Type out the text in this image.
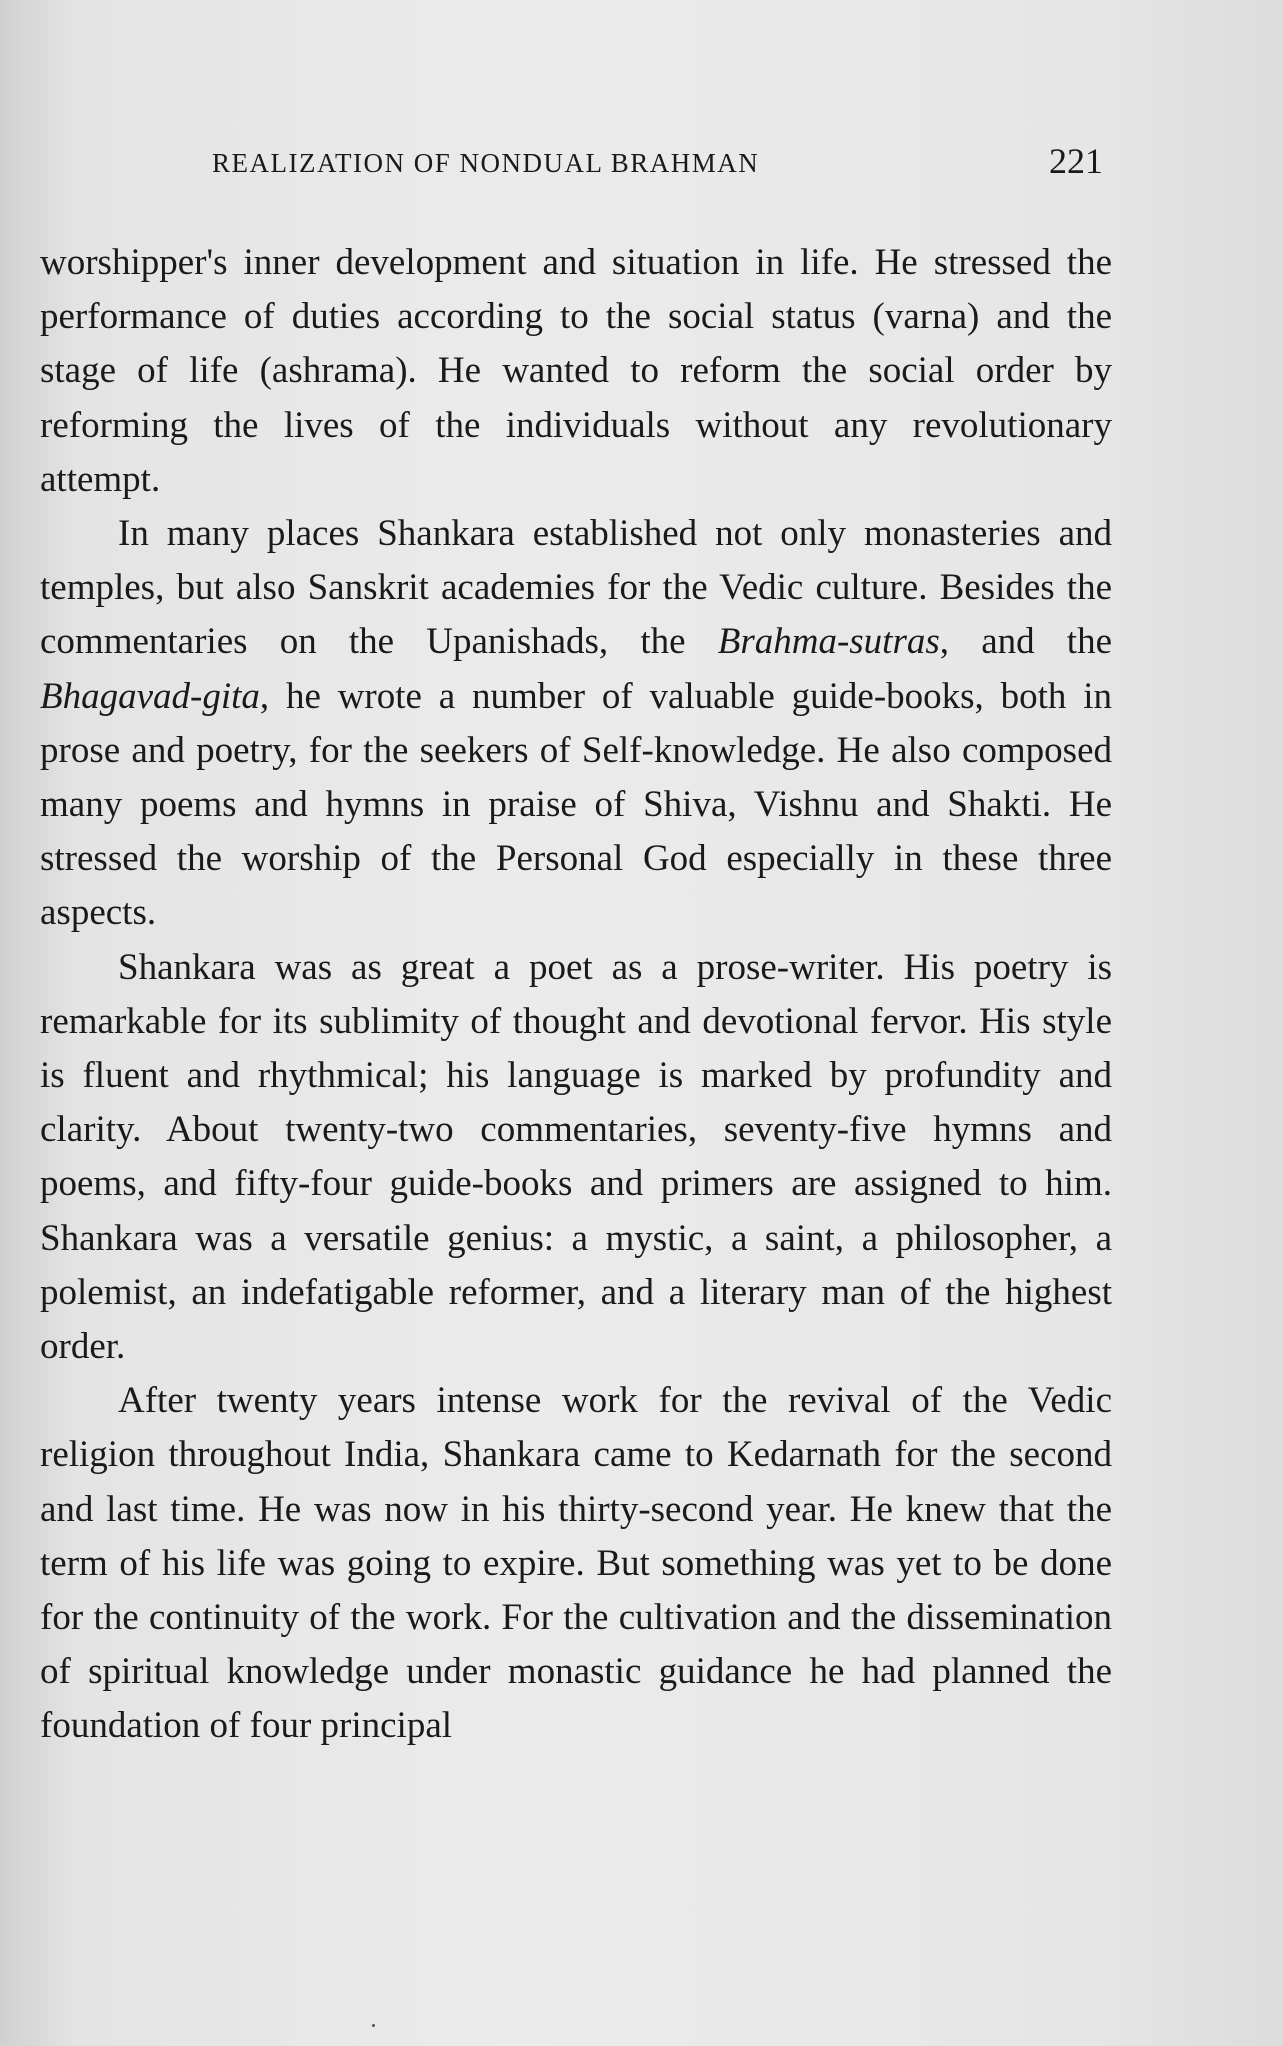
REALIZATION OF NONDUAL BRAHMAN	221

worshipper's inner development and situation in life. He stressed the performance of duties according to the social status (varna) and the stage of life (ashrama). He wanted to reform the social order by reforming the lives of the individuals without any revolutionary attempt.

In many places Shankara established not only monasteries and temples, but also Sanskrit academies for the Vedic culture. Besides the commentaries on the Upanishads, the Brahma-sutras, and the Bhagavad-gita, he wrote a number of valuable guide-books, both in prose and poetry, for the seekers of Self-knowledge. He also composed many poems and hymns in praise of Shiva, Vishnu and Shakti. He stressed the worship of the Personal God especially in these three aspects.

Shankara was as great a poet as a prose-writer. His poetry is remarkable for its sublimity of thought and devotional fervor. His style is fluent and rhythmical; his language is marked by profundity and clarity. About twenty-two commentaries, seventy-five hymns and poems, and fifty-four guide-books and primers are assigned to him. Shankara was a versatile genius: a mystic, a saint, a philosopher, a polemist, an indefatigable reformer, and a literary man of the highest order.

After twenty years intense work for the revival of the Vedic religion throughout India, Shankara came to Kedarnath for the second and last time. He was now in his thirty-second year. He knew that the term of his life was going to expire. But something was yet to be done for the continuity of the work. For the cultivation and the dissemination of spiritual knowledge under monastic guidance he had planned the foundation of four principal
